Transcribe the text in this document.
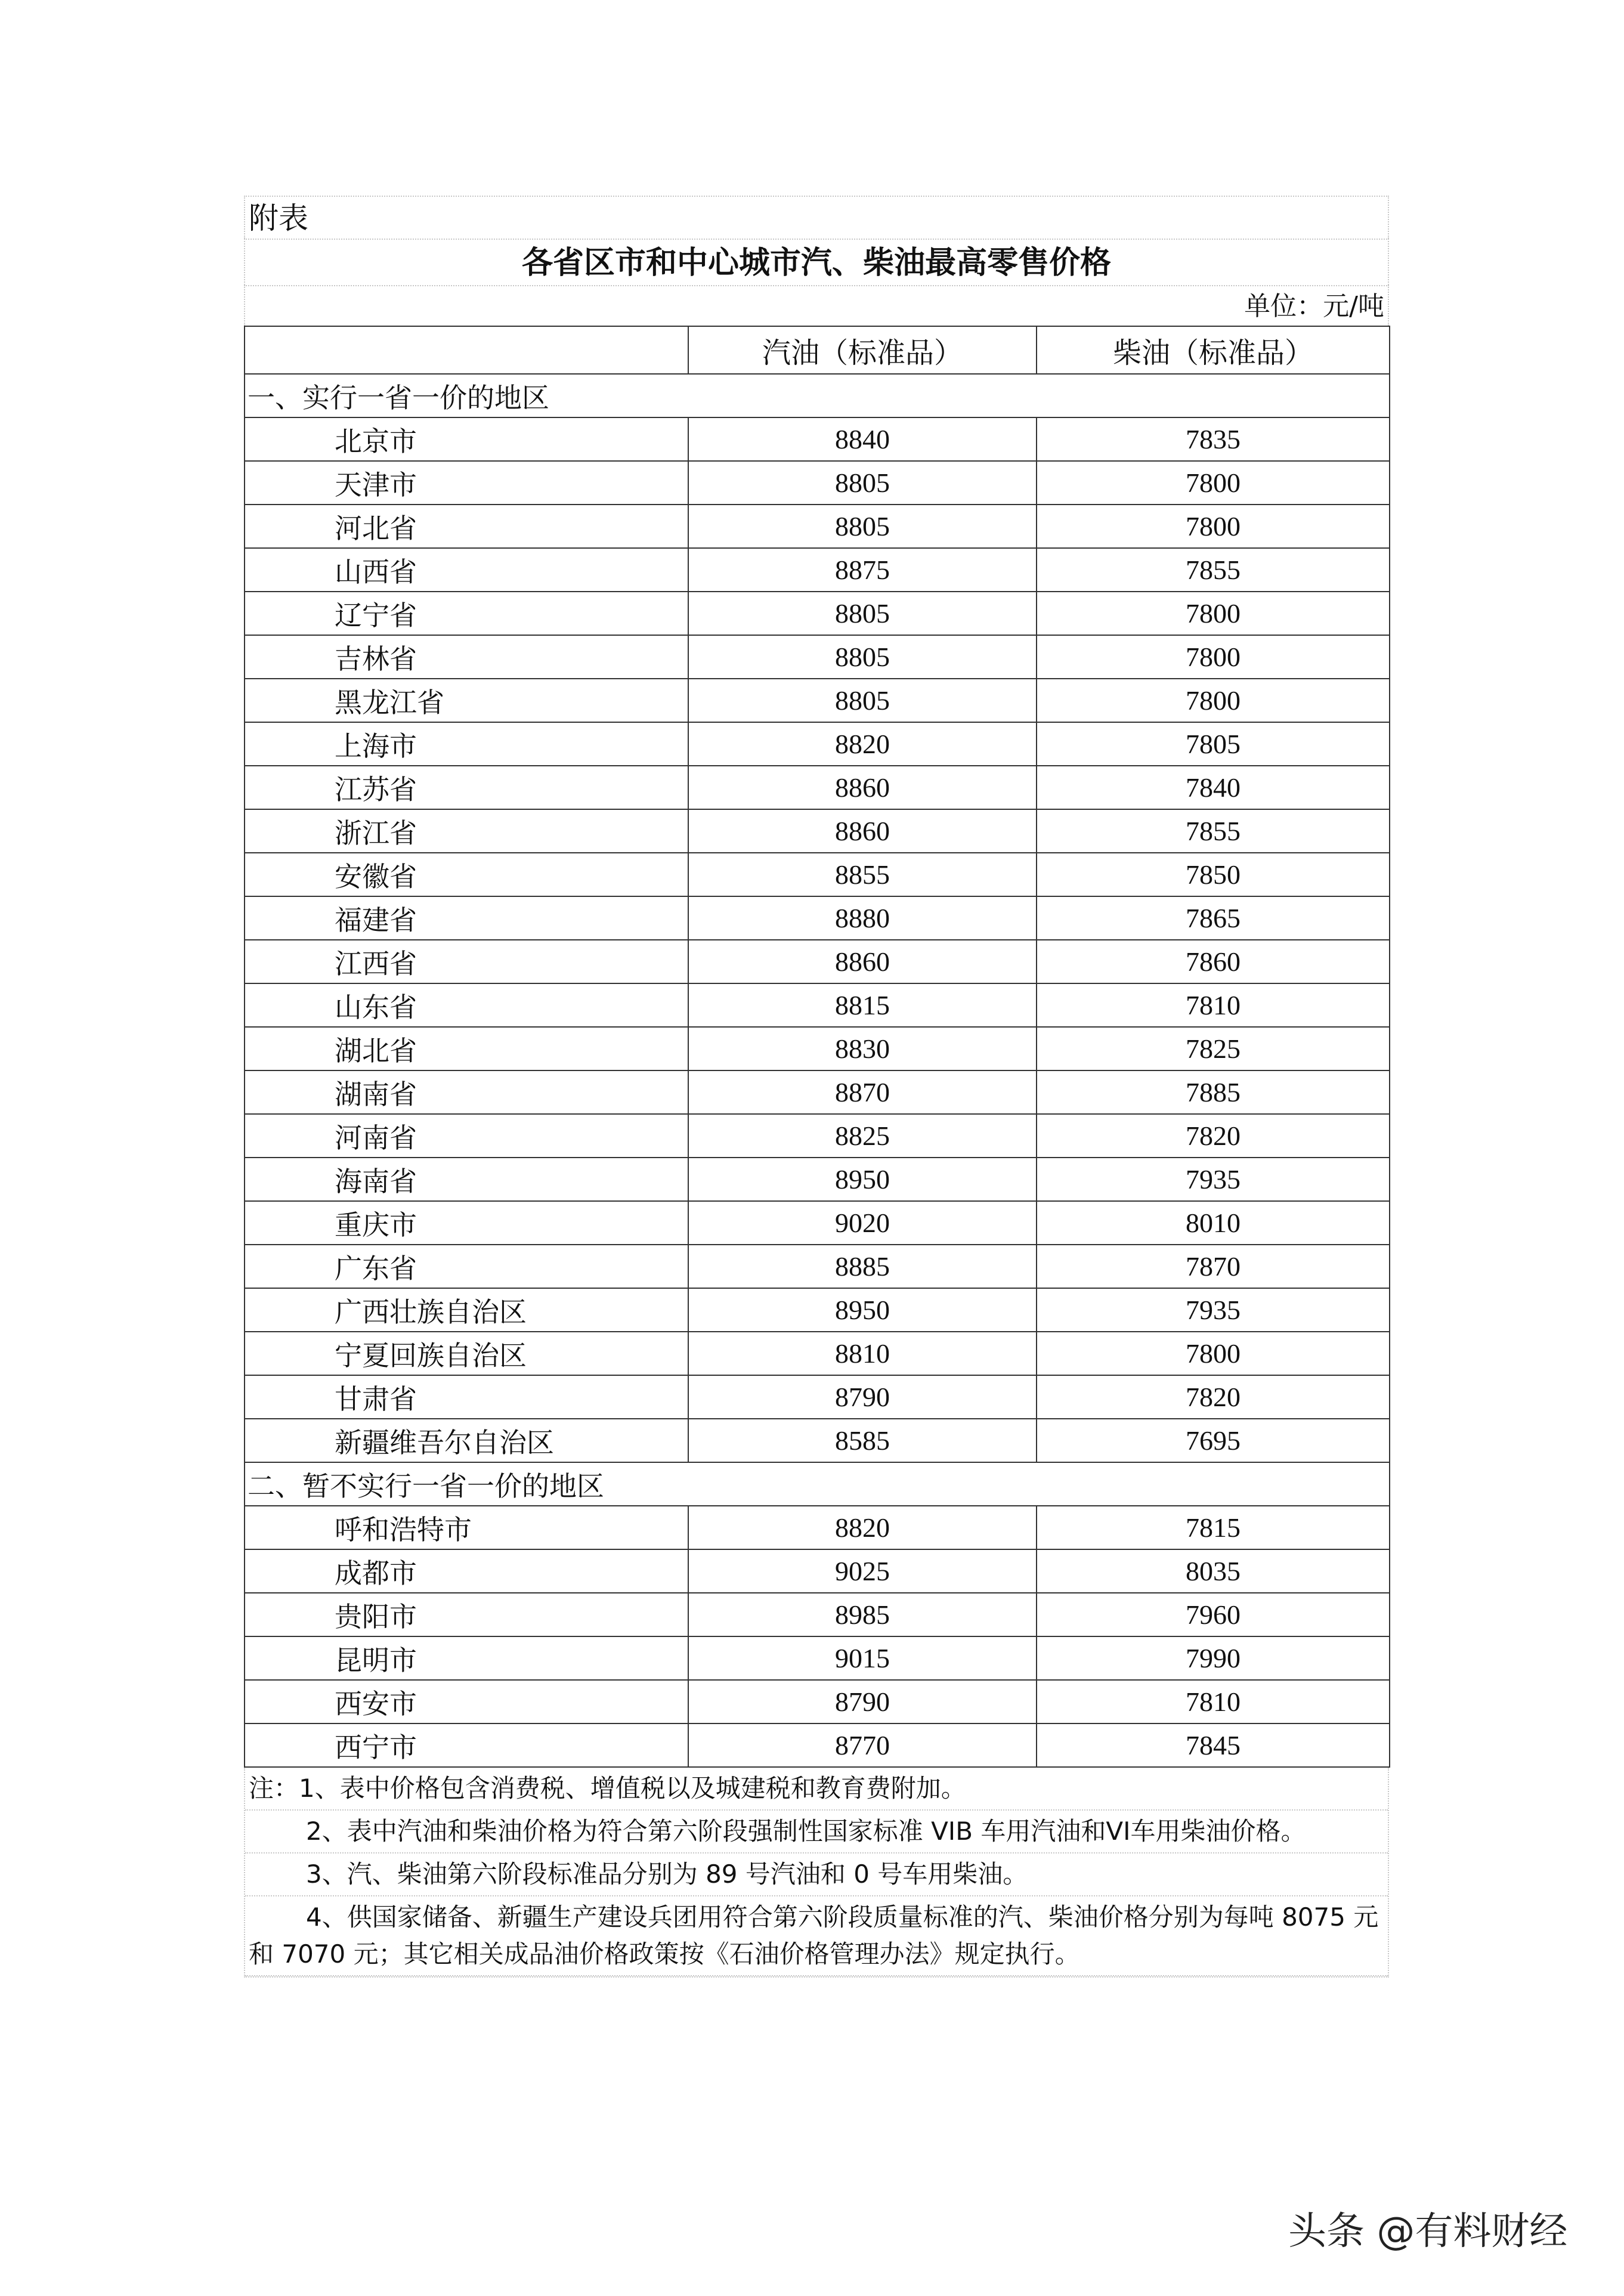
附表
各省区市和中心城市汽、柴油最高零售价格
单位：元/吨
	汽油（标准品）	柴油（标准品）
一、实行一省一价的地区		
北京市	8840	7835
天津市	8805	7800
河北省	8805	7800
山西省	8875	7855
辽宁省	8805	7800
吉林省	8805	7800
黑龙江省	8805	7800
上海市	8820	7805
江苏省	8860	7840
浙江省	8860	7855
安徽省	8855	7850
福建省	8880	7865
江西省	8860	7860
山东省	8815	7810
湖北省	8830	7825
湖南省	8870	7885
河南省	8825	7820
海南省	8950	7935
重庆市	9020	8010
广东省	8885	7870
广西壮族自治区	8950	7935
宁夏回族自治区	8810	7800
甘肃省	8790	7820
新疆维吾尔自治区	8585	7695
二、暂不实行一省一价的地区		
呼和浩特市	8820	7815
成都市	9025	8035
贵阳市	8985	7960
昆明市	9015	7990
西安市	8790	7810
西宁市	8770	7845
注：1、表中价格包含消费税、增值税以及城建税和教育费附加。
2、表中汽油和柴油价格为符合第六阶段强制性国家标准 VIB 车用汽油和VI车用柴油价格。
3、汽、柴油第六阶段标准品分别为 89 号汽油和 0 号车用柴油。
4、供国家储备、新疆生产建设兵团用符合第六阶段质量标准的汽、柴油价格分别为每吨 8075 元和 7070 元；其它相关成品油价格政策按《石油价格管理办法》规定执行。
头条 @有料财经
